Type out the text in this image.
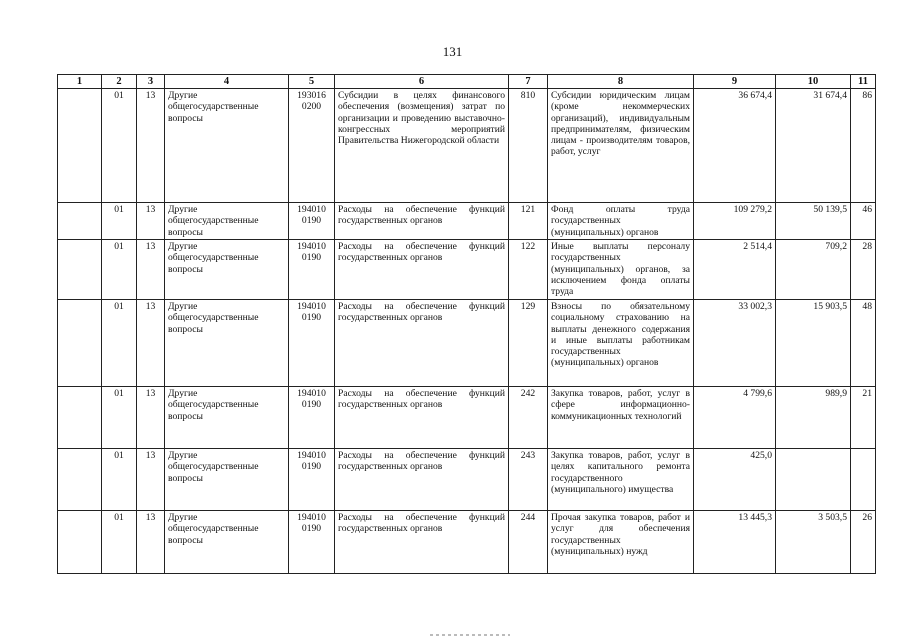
131
1	2	3	4	5	6	7	8	9	10	11
	01	13	Другие общегосударственные вопросы	193016 0200	Субсидии в целях финансового обеспечения (возмещения) затрат по организации и проведению выставочно-конгрессных мероприятий Правительства Нижегородской области	810	Субсидии юридическим лицам (кроме некоммерческих организаций), индивидуальным предпринимателям, физическим лицам - производителям товаров, работ, услуг	36 674,4	31 674,4	86
	01	13	Другие общегосударственные вопросы	194010 0190	Расходы на обеспечение функций государственных органов	121	Фонд оплаты труда государственных (муниципальных) органов	109 279,2	50 139,5	46
	01	13	Другие общегосударственные вопросы	194010 0190	Расходы на обеспечение функций государственных органов	122	Иные выплаты персоналу государственных (муниципальных) органов, за исключением фонда оплаты труда	2 514,4	709,2	28
	01	13	Другие общегосударственные вопросы	194010 0190	Расходы на обеспечение функций государственных органов	129	Взносы по обязательному социальному страхованию на выплаты денежного содержания и иные выплаты работникам государственных (муниципальных) органов	33 002,3	15 903,5	48
	01	13	Другие общегосударственные вопросы	194010 0190	Расходы на обеспечение функций государственных органов	242	Закупка товаров, работ, услуг в сфере информационно-коммуникационных технологий	4 799,6	989,9	21
	01	13	Другие общегосударственные вопросы	194010 0190	Расходы на обеспечение функций государственных органов	243	Закупка товаров, работ, услуг в целях капитального ремонта государственного (муниципального) имущества	425,0		
	01	13	Другие общегосударственные вопросы	194010 0190	Расходы на обеспечение функций государственных органов	244	Прочая закупка товаров, работ и услуг для обеспечения государственных (муниципальных) нужд	13 445,3	3 503,5	26
